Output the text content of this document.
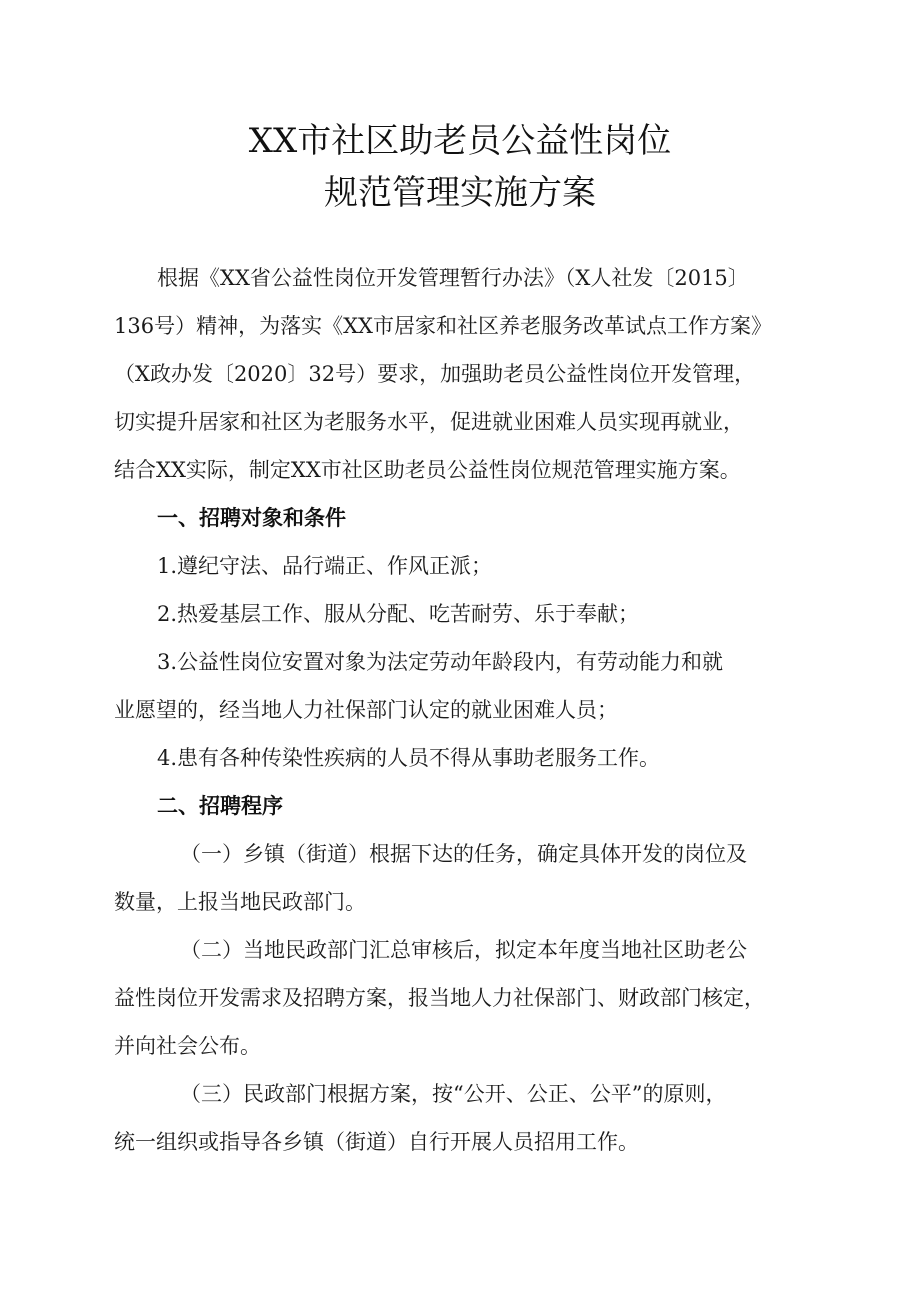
XX市社区助老员公益性岗位
规范管理实施方案
根据《XX省公益性岗位开发管理暂行办法》（X人社发〔2015〕
136号）精神，为落实《XX市居家和社区养老服务改革试点工作方案》
（X政办发〔2020〕32号）要求，加强助老员公益性岗位开发管理，
切实提升居家和社区为老服务水平，促进就业困难人员实现再就业，
结合XX实际，制定XX市社区助老员公益性岗位规范管理实施方案。
一、招聘对象和条件
1.遵纪守法、品行端正、作风正派；
2.热爱基层工作、服从分配、吃苦耐劳、乐于奉献；
3.公益性岗位安置对象为法定劳动年龄段内，有劳动能力和就
业愿望的，经当地人力社保部门认定的就业困难人员；
4.患有各种传染性疾病的人员不得从事助老服务工作。
二、招聘程序
（一）乡镇（街道）根据下达的任务，确定具体开发的岗位及
数量，上报当地民政部门。
（二）当地民政部门汇总审核后，拟定本年度当地社区助老公
益性岗位开发需求及招聘方案，报当地人力社保部门、财政部门核定，
并向社会公布。
（三）民政部门根据方案，按“公开、公正、公平”的原则，
统一组织或指导各乡镇（街道）自行开展人员招用工作。
